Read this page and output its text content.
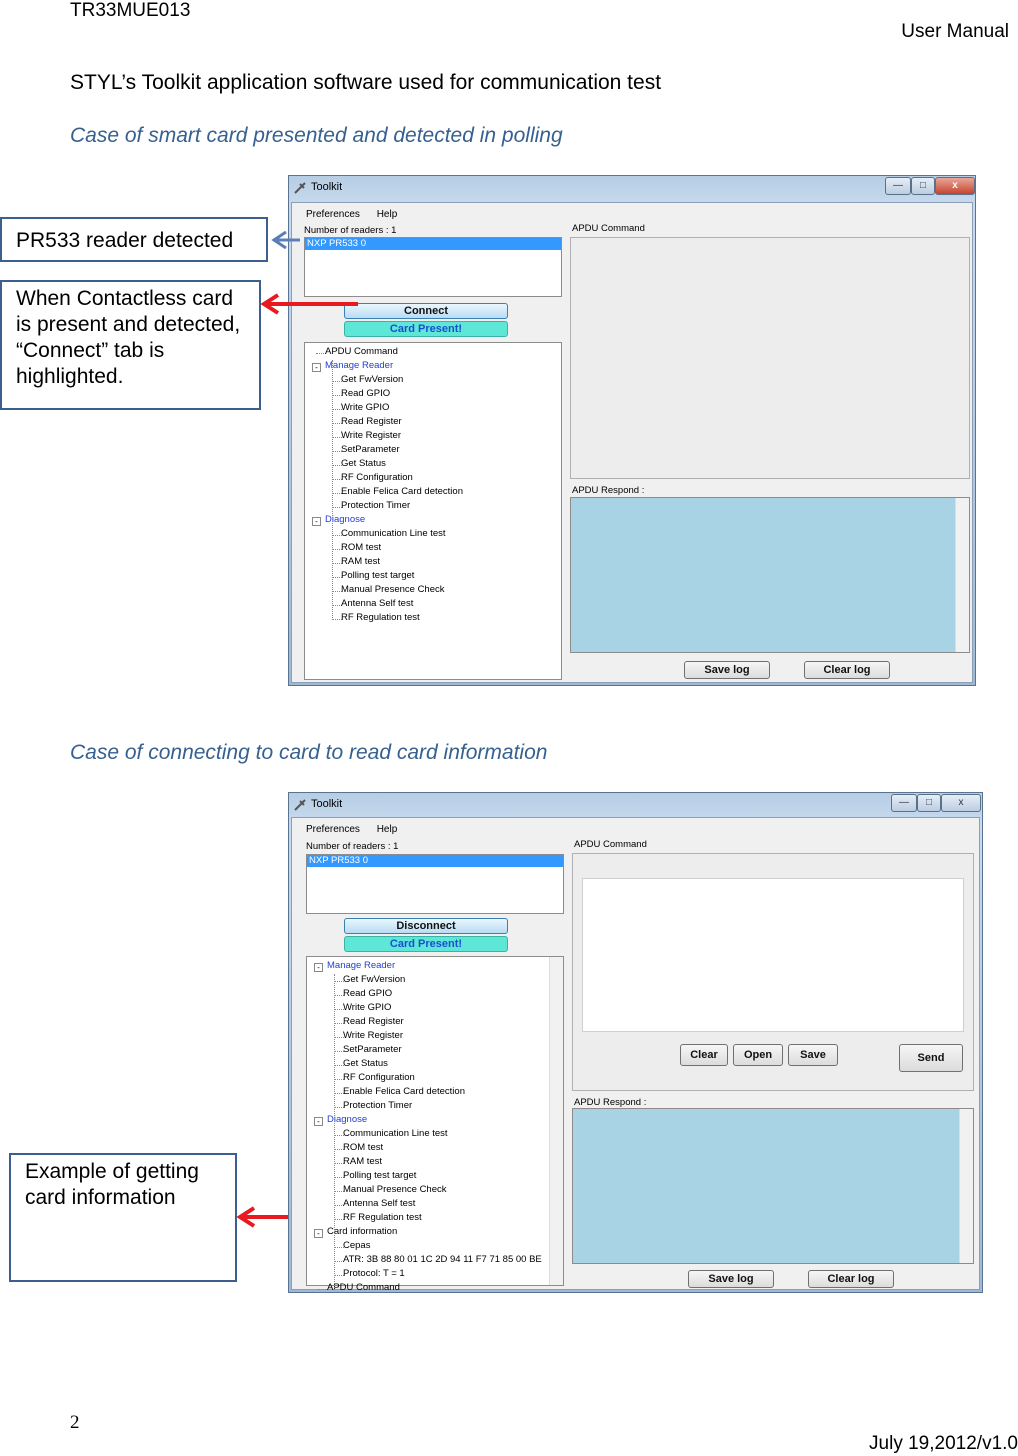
TR33MUE013
User Manual
STYL’s Toolkit application software used for communication test
Case of smart card presented and detected in polling
Toolkit	—	□	x
Preferences Help
Number of readers : 1
NXP PR533 0
Connect
Card Present!
APDU Command
- Manage Reader
Get FwVersion
Read GPIO
Write GPIO
Read Register
Write Register
SetParameter
Get Status
RF Configuration
Enable Felica Card detection
Protection Timer
- Diagnose
Communication Line test
ROM test
RAM test
Polling test target
Manual Presence Check
Antenna Self test
RF Regulation test
APDU Command
APDU Respond :
Save log	Clear log
PR533 reader detected
When Contactless card is present and detected, “Connect” tab is highlighted.
Case of connecting to card to read card information
Toolkit	—	□	x
Preferences Help
Number of readers : 1
NXP PR533 0
Disconnect
Card Present!
- Manage Reader
Get FwVersion
Read GPIO
Write GPIO
Read Register
Write Register
SetParameter
Get Status
RF Configuration
Enable Felica Card detection
Protection Timer
- Diagnose
Communication Line test
ROM test
RAM test
Polling test target
Manual Presence Check
Antenna Self test
RF Regulation test
- Card information
Cepas
ATR: 3B 88 80 01 1C 2D 94 11 F7 71 85 00 BE
Protocol: T = 1
APDU Command
APDU Command
Clear	Open	Save	Send
APDU Respond :
Save log	Clear log
Example of getting card information
2
July 19,2012/v1.0
